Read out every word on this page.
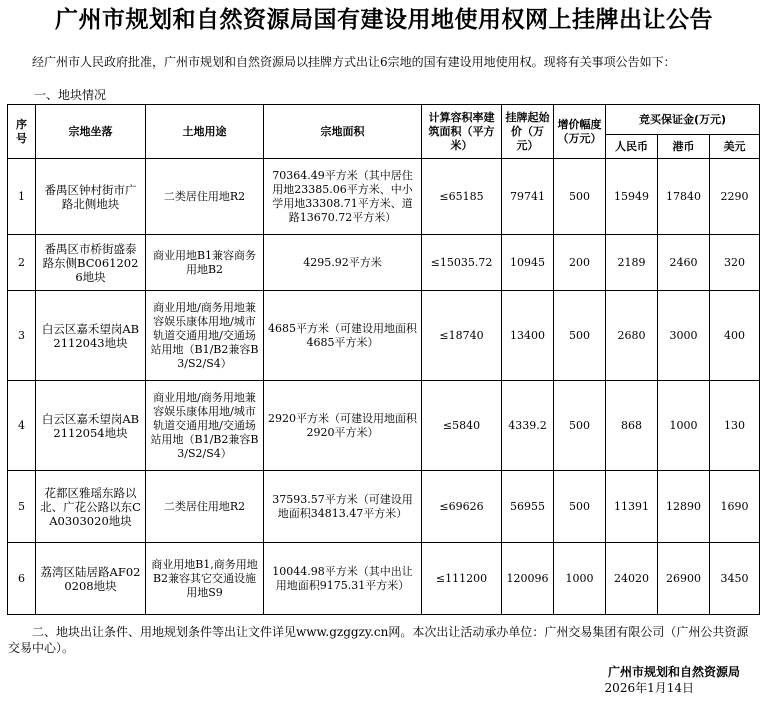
广州市规划和自然资源局国有建设用地使用权网上挂牌出让公告
经广州市人民政府批准，广州市规划和自然资源局以挂牌方式出让6宗地的国有建设用地使用权。现将有关事项公告如下：
一、地块情况
序号	宗地坐落	土地用途	宗地面积	计算容积率建筑面积（平方米）	挂牌起始价（万元）	增价幅度（万元）	竞买保证金(万元)		
							人民币	港币	美元
1	番禺区钟村街市广路北侧地块	二类居住用地R2	70364.49平方米（其中居住用地23385.06平方米、中小学用地33308.71平方米、道路13670.72平方米）	≤65185	79741	500	15949	17840	2290
2	番禺区市桥街盛泰路东侧BC0612026地块	商业用地B1兼容商务用地B2	4295.92平方米	≤15035.72	10945	200	2189	2460	320
3	白云区嘉禾望岗AB2112043地块	商业用地/商务用地兼容娱乐康体用地/城市轨道交通用地/交通场站用地（B1/B2兼容B3/S2/S4）	4685平方米（可建设用地面积4685平方米）	≤18740	13400	500	2680	3000	400
4	白云区嘉禾望岗AB2112054地块	商业用地/商务用地兼容娱乐康体用地/城市轨道交通用地/交通场站用地（B1/B2兼容B3/S2/S4）	2920平方米（可建设用地面积2920平方米）	≤5840	4339.2	500	868	1000	130
5	花都区雅瑶东路以北、广花公路以东CA0303020地块	二类居住用地R2	37593.57平方米（可建设用地面积34813.47平方米）	≤69626	56955	500	11391	12890	1690
6	荔湾区陆居路AF020208地块	商业用地B1,商务用地B2兼容其它交通设施用地S9	10044.98平方米（其中出让用地面积9175.31平方米）	≤111200	120096	1000	24020	26900	3450
二、地块出让条件、用地规划条件等出让文件详见www.gzggzy.cn网。本次出让活动承办单位：广州交易集团有限公司（广州公共资源交易中心）。
广州市规划和自然资源局
2026年1月14日
